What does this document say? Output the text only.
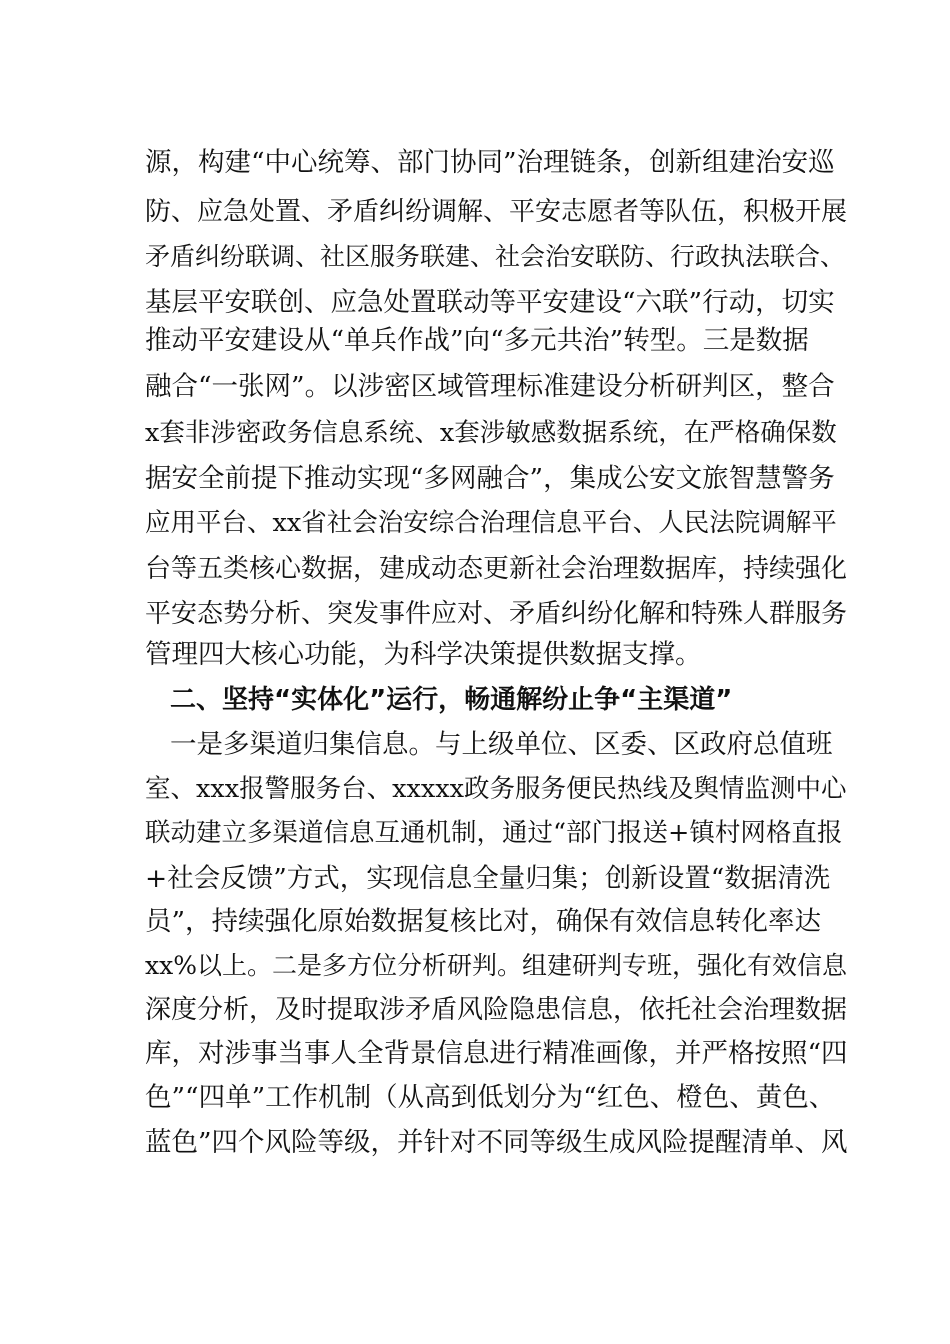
源，构建“中心统筹、部门协同”治理链条，创新组建治安巡
防、应急处置、矛盾纠纷调解、平安志愿者等队伍，积极开展
矛盾纠纷联调、社区服务联建、社会治安联防、行政执法联合、
基层平安联创、应急处置联动等平安建设“六联”行动，切实
推动平安建设从“单兵作战”向“多元共治”转型。三是数据
融合“一张网”。以涉密区域管理标准建设分析研判区，整合
x套非涉密政务信息系统、x套涉敏感数据系统，在严格确保数
据安全前提下推动实现“多网融合”，集成公安文旅智慧警务
应用平台、xx省社会治安综合治理信息平台、人民法院调解平
台等五类核心数据，建成动态更新社会治理数据库，持续强化
平安态势分析、突发事件应对、矛盾纠纷化解和特殊人群服务
管理四大核心功能，为科学决策提供数据支撑。
二、坚持“实体化”运行，畅通解纷止争“主渠道”
一是多渠道归集信息。与上级单位、区委、区政府总值班
室、xxx报警服务台、xxxxx政务服务便民热线及舆情监测中心
联动建立多渠道信息互通机制，通过“部门报送+镇村网格直报
+社会反馈”方式，实现信息全量归集；创新设置“数据清洗
员”，持续强化原始数据复核比对，确保有效信息转化率达
xx%以上。二是多方位分析研判。组建研判专班，强化有效信息
深度分析，及时提取涉矛盾风险隐患信息，依托社会治理数据
库，对涉事当事人全背景信息进行精准画像，并严格按照“四
色”“四单”工作机制（从高到低划分为“红色、橙色、黄色、
蓝色”四个风险等级，并针对不同等级生成风险提醒清单、风
